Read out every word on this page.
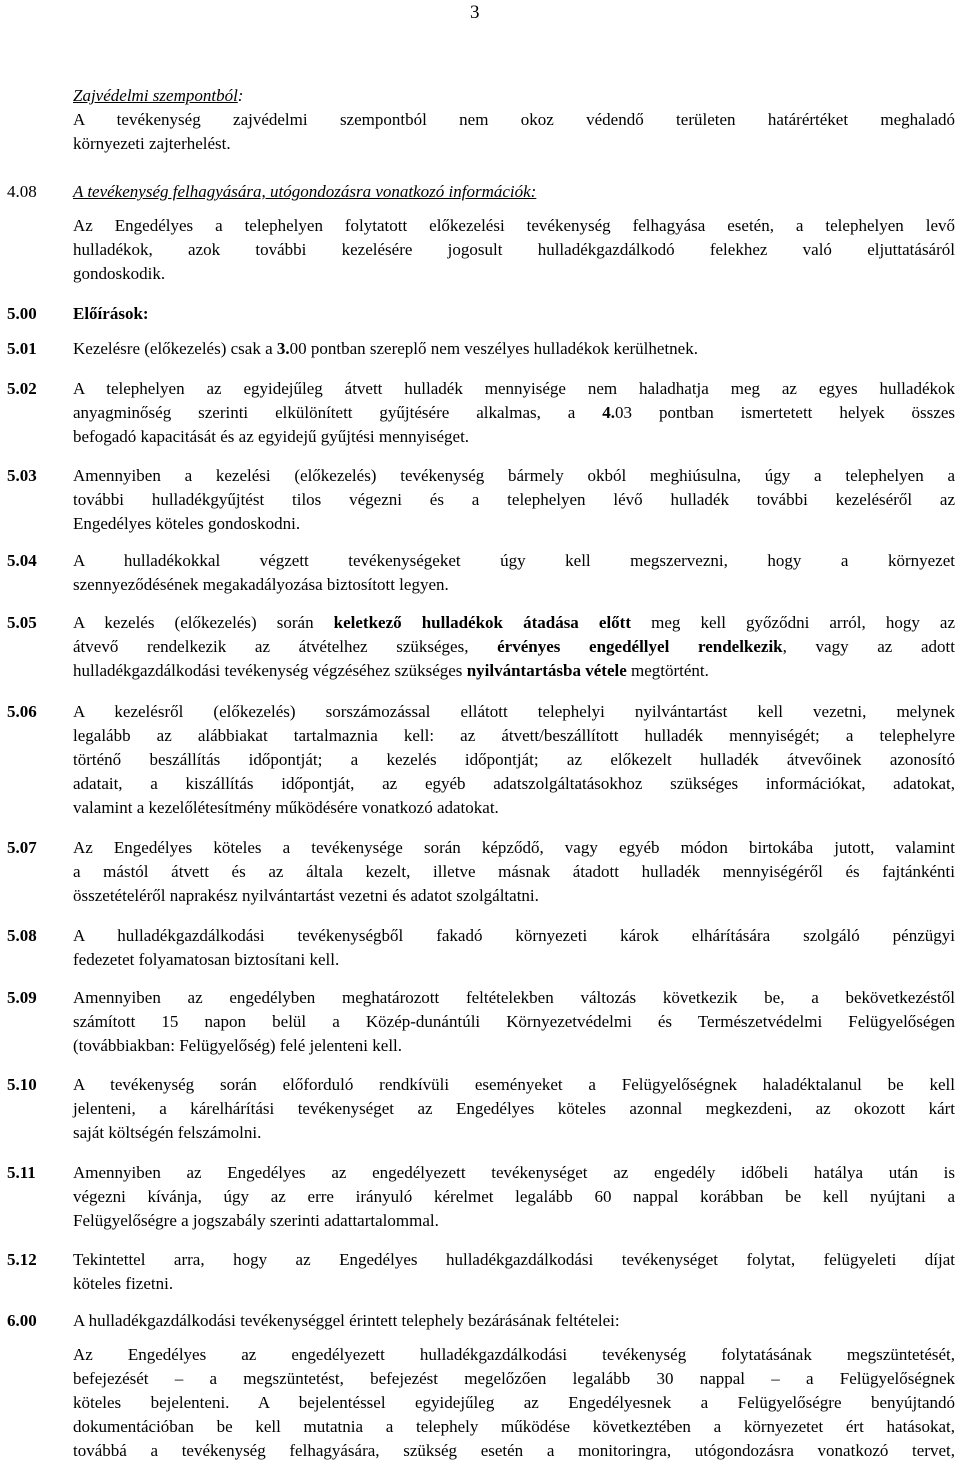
3
Zajvédelmi szempontból:
A tevékenység zajvédelmi szempontból nem okoz védendő területen határértéket meghaladó
környezeti zajterhelést.
4.08 A tevékenység felhagyására, utógondozásra vonatkozó információk:
Az Engedélyes a telephelyen folytatott előkezelési tevékenység felhagyása esetén, a telephelyen levő
hulladékok, azok további kezelésére jogosult hulladékgazdálkodó felekhez való eljuttatásáról
gondoskodik.
5.00 Előírások:
5.01 Kezelésre (előkezelés) csak a 3.00 pontban szereplő nem veszélyes hulladékok kerülhetnek.
5.02 A telephelyen az egyidejűleg átvett hulladék mennyisége nem haladhatja meg az egyes hulladékok
anyagminőség szerinti elkülönített gyűjtésére alkalmas, a 4.03 pontban ismertetett helyek összes
befogadó kapacitását és az egyidejű gyűjtési mennyiséget.
5.03 Amennyiben a kezelési (előkezelés) tevékenység bármely okból meghiúsulna, úgy a telephelyen a
további hulladékgyűjtést tilos végezni és a telephelyen lévő hulladék további kezeléséről az
Engedélyes köteles gondoskodni.
5.04 A hulladékokkal végzett tevékenységeket úgy kell megszervezni, hogy a környezet
szennyeződésének megakadályozása biztosított legyen.
5.05 A kezelés (előkezelés) során keletkező hulladékok átadása előtt meg kell győződni arról, hogy az
átvevő rendelkezik az átvételhez szükséges, érvényes engedéllyel rendelkezik, vagy az adott
hulladékgazdálkodási tevékenység végzéséhez szükséges nyilvántartásba vétele megtörtént.
5.06 A kezelésről (előkezelés) sorszámozással ellátott telephelyi nyilvántartást kell vezetni, melynek
legalább az alábbiakat tartalmaznia kell: az átvett/beszállított hulladék mennyiségét; a telephelyre
történő beszállítás időpontját; a kezelés időpontját; az előkezelt hulladék átvevőinek azonosító
adatait, a kiszállítás időpontját, az egyéb adatszolgáltatásokhoz szükséges információkat, adatokat,
valamint a kezelőlétesítmény működésére vonatkozó adatokat.
5.07 Az Engedélyes köteles a tevékenysége során képződő, vagy egyéb módon birtokába jutott, valamint
a mástól átvett és az általa kezelt, illetve másnak átadott hulladék mennyiségéről és fajtánkénti
összetételéről naprakész nyilvántartást vezetni és adatot szolgáltatni.
5.08 A hulladékgazdálkodási tevékenységből fakadó környezeti károk elhárítására szolgáló pénzügyi
fedezetet folyamatosan biztosítani kell.
5.09 Amennyiben az engedélyben meghatározott feltételekben változás következik be, a bekövetkezéstől
számított 15 napon belül a Közép-dunántúli Környezetvédelmi és Természetvédelmi Felügyelőségen
(továbbiakban: Felügyelőség) felé jelenteni kell.
5.10 A tevékenység során előforduló rendkívüli eseményeket a Felügyelőségnek haladéktalanul be kell
jelenteni, a kárelhárítási tevékenységet az Engedélyes köteles azonnal megkezdeni, az okozott kárt
saját költségén felszámolni.
5.11 Amennyiben az Engedélyes az engedélyezett tevékenységet az engedély időbeli hatálya után is
végezni kívánja, úgy az erre irányuló kérelmet legalább 60 nappal korábban be kell nyújtani a
Felügyelőségre a jogszabály szerinti adattartalommal.
5.12 Tekintettel arra, hogy az Engedélyes hulladékgazdálkodási tevékenységet folytat, felügyeleti díjat
köteles fizetni.
6.00 A hulladékgazdálkodási tevékenységgel érintett telephely bezárásának feltételei:
Az Engedélyes az engedélyezett hulladékgazdálkodási tevékenység folytatásának megszüntetését,
befejezését – a megszüntetést, befejezést megelőzően legalább 30 nappal – a Felügyelőségnek
köteles bejelenteni. A bejelentéssel egyidejűleg az Engedélyesnek a Felügyelőségre benyújtandó
dokumentációban be kell mutatnia a telephely működése következtében a környezetet ért hatásokat,
továbbá a tevékenység felhagyására, szükség esetén a monitoringra, utógondozásra vonatkozó tervet,
